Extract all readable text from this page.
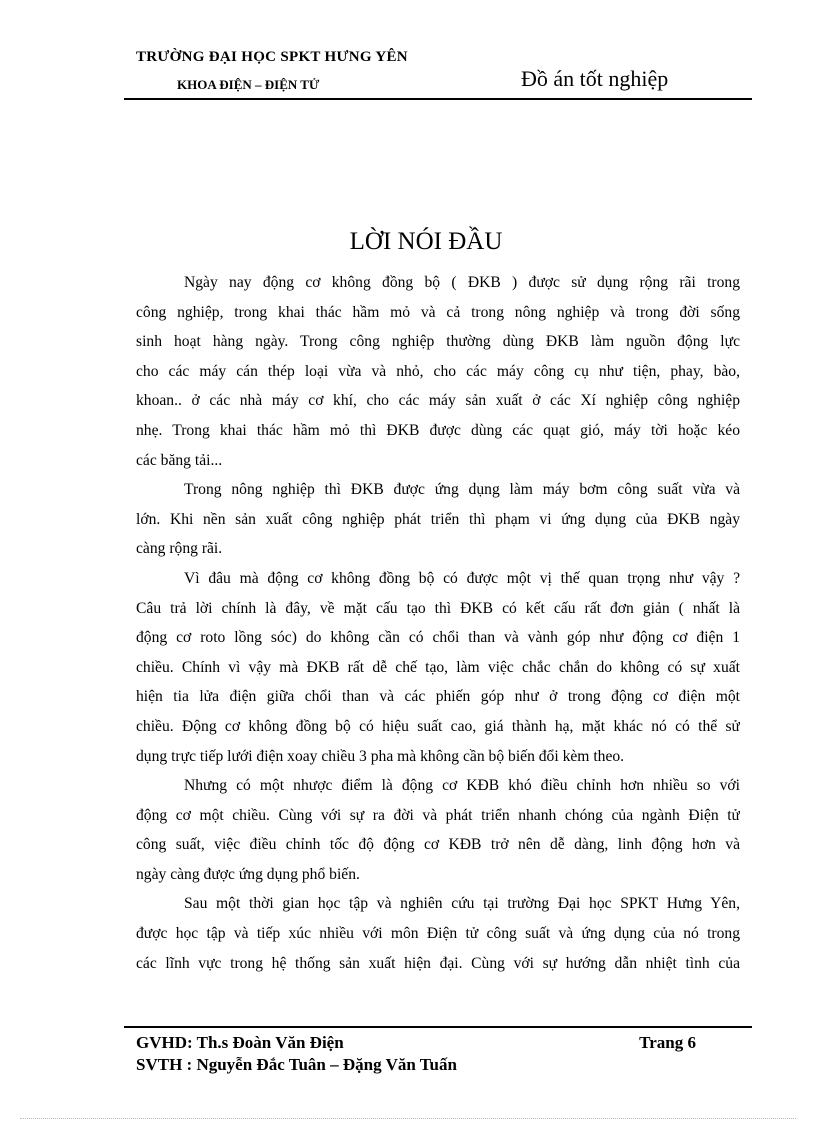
TRƯỜNG ĐẠI HỌC SPKT HƯNG YÊN
KHOA ĐIỆN – ĐIỆN TỬ	Đồ án tốt nghiệp
LỜI NÓI ĐẦU
Ngày nay động cơ không đồng bộ ( ĐKB ) được sử dụng rộng rãi trong
công nghiệp, trong khai thác hầm mỏ và cả trong nông nghiệp và trong đời sống
sinh hoạt hàng ngày. Trong công nghiệp thường dùng ĐKB làm nguồn động lực
cho các máy cán thép loại vừa và nhỏ, cho các máy công cụ như tiện, phay, bào,
khoan.. ở các nhà máy cơ khí, cho các máy sản xuất ở các Xí nghiệp công nghiệp
nhẹ. Trong khai thác hầm mỏ thì ĐKB được dùng các quạt gió, máy tời hoặc kéo
các băng tải...
Trong nông nghiệp thì ĐKB được ứng dụng làm máy bơm công suất vừa và
lớn. Khi nền sản xuất công nghiệp phát triển thì phạm vi ứng dụng của ĐKB ngày
càng rộng rãi.
Vì đâu mà động cơ không đồng bộ có được một vị thế quan trọng như vậy ?
Câu trả lời chính là đây, về mặt cấu tạo thì ĐKB có kết cấu rất đơn giản ( nhất là
động cơ roto lồng sóc) do không cần có chổi than và vành góp như động cơ điện 1
chiều. Chính vì vậy mà ĐKB rất dễ chế tạo, làm việc chắc chắn do không có sự xuất
hiện tia lửa điện giữa chổi than và các phiến góp như ở trong động cơ điện một
chiều. Động cơ không đồng bộ có hiệu suất cao, giá thành hạ, mặt khác nó có thể sử
dụng trực tiếp lưới điện xoay chiều 3 pha mà không cần bộ biến đổi kèm theo.
Nhưng có một nhược điểm là động cơ KĐB khó điều chỉnh hơn nhiều so với
động cơ một chiều. Cùng với sự ra đời và phát triển nhanh chóng của ngành Điện tử
công suất, việc điều chỉnh tốc độ động cơ KĐB trở nên dễ dàng, linh động hơn và
ngày càng được ứng dụng phổ biến.
Sau một thời gian học tập và nghiên cứu tại trường Đại học SPKT Hưng Yên,
được học tập và tiếp xúc nhiều với môn Điện tử công suất và ứng dụng của nó trong
các lĩnh vực trong hệ thống sản xuất hiện đại. Cùng với sự hướng dẫn nhiệt tình của
GVHD: Th.s Đoàn Văn Điện	Trang 6
SVTH : Nguyễn Đắc Tuân – Đặng Văn Tuấn
